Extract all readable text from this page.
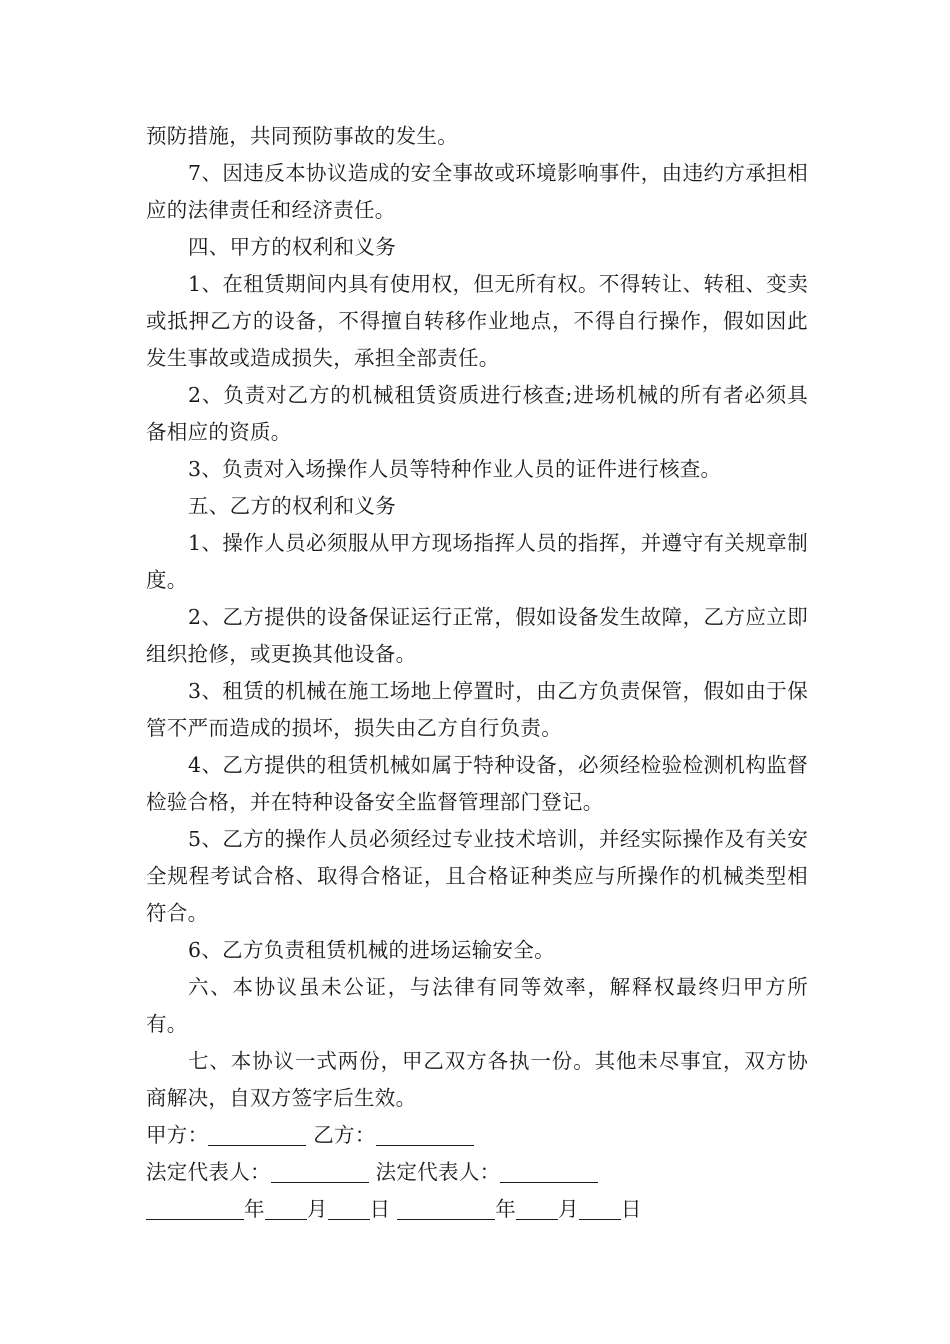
预防措施，共同预防事故的发生。

7、因违反本协议造成的安全事故或环境影响事件，由违约方承担相应的法律责任和经济责任。

四、甲方的权利和义务

1、在租赁期间内具有使用权，但无所有权。不得转让、转租、变卖或抵押乙方的设备，不得擅自转移作业地点，不得自行操作，假如因此发生事故或造成损失，承担全部责任。

2、负责对乙方的机械租赁资质进行核查;进场机械的所有者必须具备相应的资质。

3、负责对入场操作人员等特种作业人员的证件进行核查。

五、乙方的权利和义务

1、操作人员必须服从甲方现场指挥人员的指挥，并遵守有关规章制度。

2、乙方提供的设备保证运行正常，假如设备发生故障，乙方应立即组织抢修，或更换其他设备。

3、租赁的机械在施工场地上停置时，由乙方负责保管，假如由于保管不严而造成的损坏，损失由乙方自行负责。

4、乙方提供的租赁机械如属于特种设备，必须经检验检测机构监督检验合格，并在特种设备安全监督管理部门登记。

5、乙方的操作人员必须经过专业技术培训，并经实际操作及有关安全规程考试合格、取得合格证，且合格证种类应与所操作的机械类型相符合。

6、乙方负责租赁机械的进场运输安全。

六、本协议虽未公证，与法律有同等效率，解释权最终归甲方所有。

七、本协议一式两份，甲乙双方各执一份。其他未尽事宜，双方协商解决，自双方签字后生效。

甲方：	乙方：

法定代表人：	法定代表人：

年 月 日	年 月 日
